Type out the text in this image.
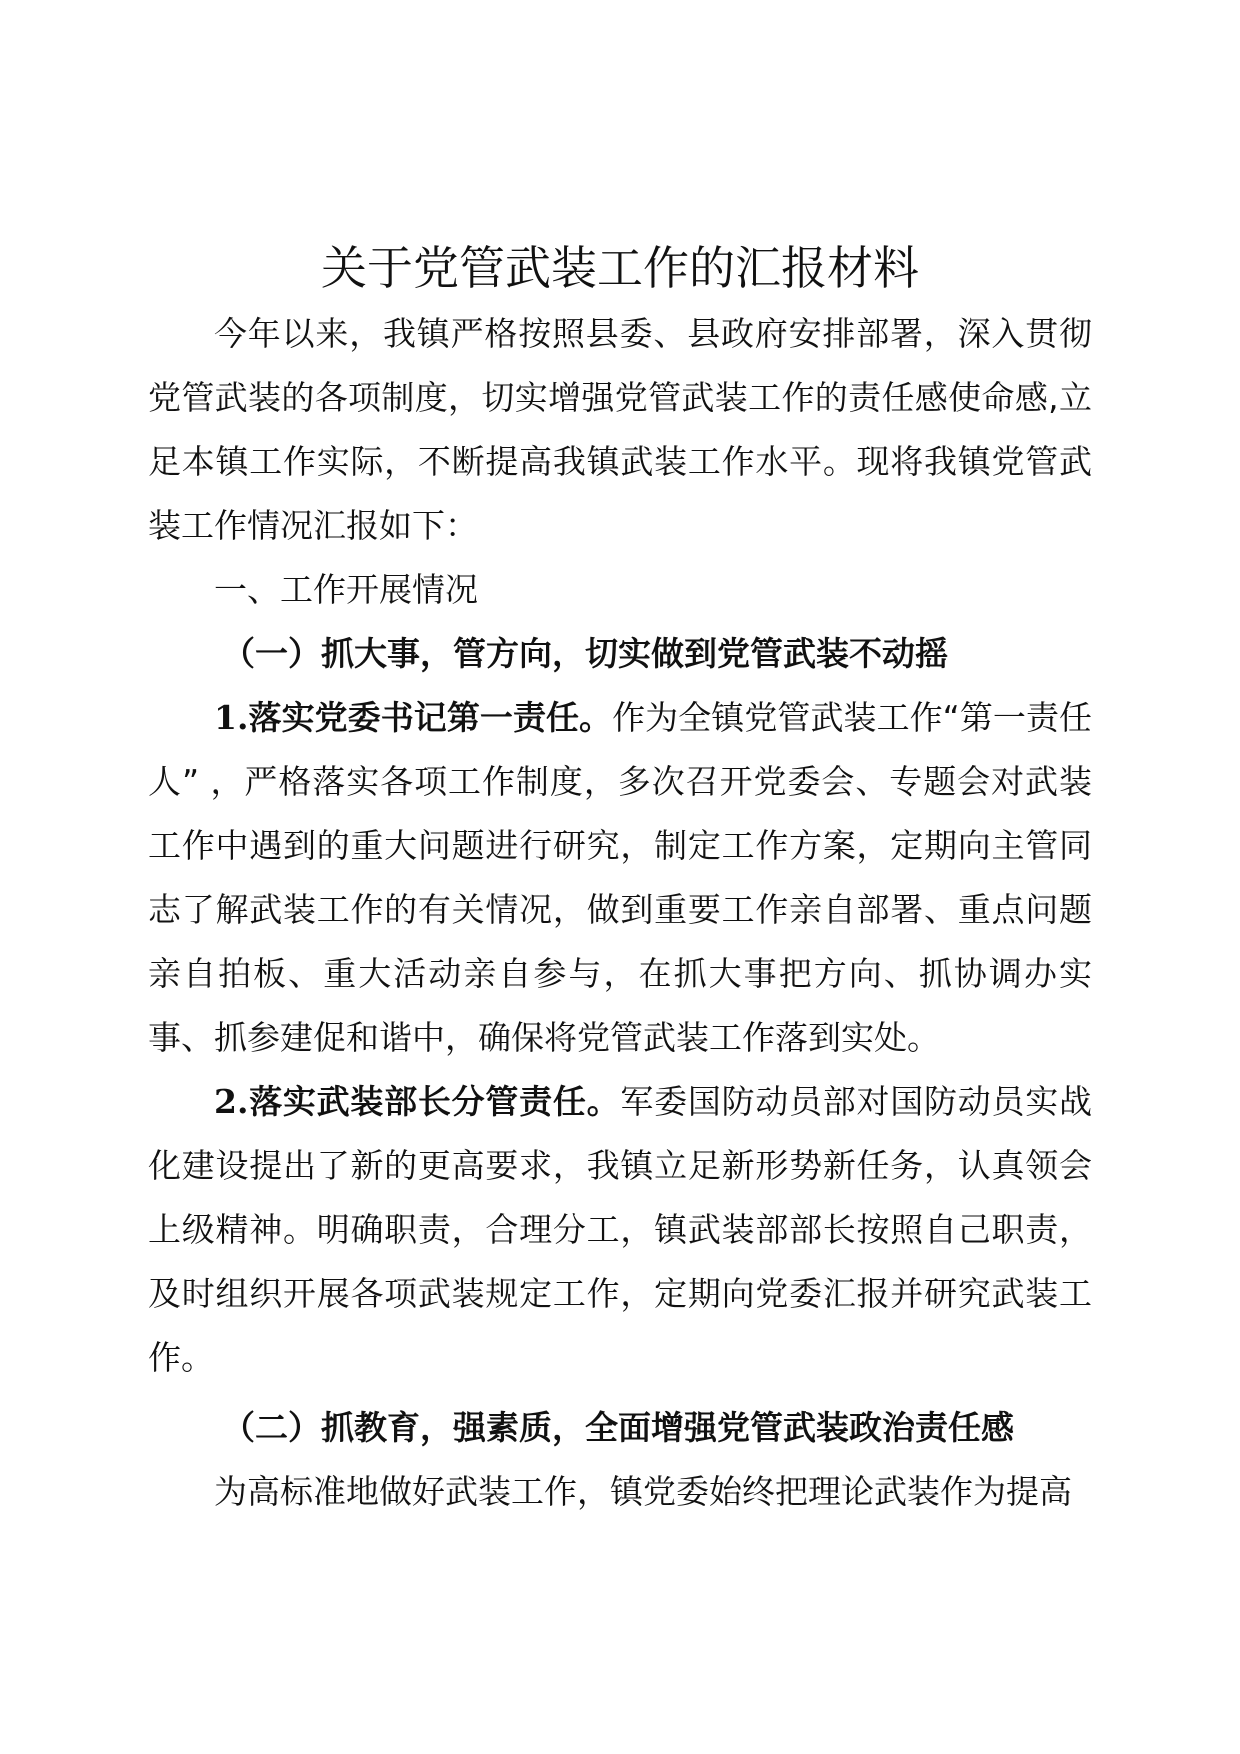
关于党管武装工作的汇报材料

今年以来，我镇严格按照县委、县政府安排部署，深入贯彻党管武装的各项制度，切实增强党管武装工作的责任感使命感,立足本镇工作实际，不断提高我镇武装工作水平。现将我镇党管武装工作情况汇报如下：

一、工作开展情况

（一）抓大事，管方向，切实做到党管武装不动摇

1.落实党委书记第一责任。作为全镇党管武装工作“第一责任人” ，严格落实各项工作制度，多次召开党委会、专题会对武装工作中遇到的重大问题进行研究，制定工作方案，定期向主管同志了解武装工作的有关情况，做到重要工作亲自部署、重点问题亲自拍板、重大活动亲自参与，在抓大事把方向、抓协调办实事、抓参建促和谐中，确保将党管武装工作落到实处。

2.落实武装部长分管责任。军委国防动员部对国防动员实战化建设提出了新的更高要求，我镇立足新形势新任务，认真领会上级精神。明确职责，合理分工，镇武装部部长按照自己职责，及时组织开展各项武装规定工作，定期向党委汇报并研究武装工作。

（二）抓教育，强素质，全面增强党管武装政治责任感

为高标准地做好武装工作，镇党委始终把理论武装作为提高
